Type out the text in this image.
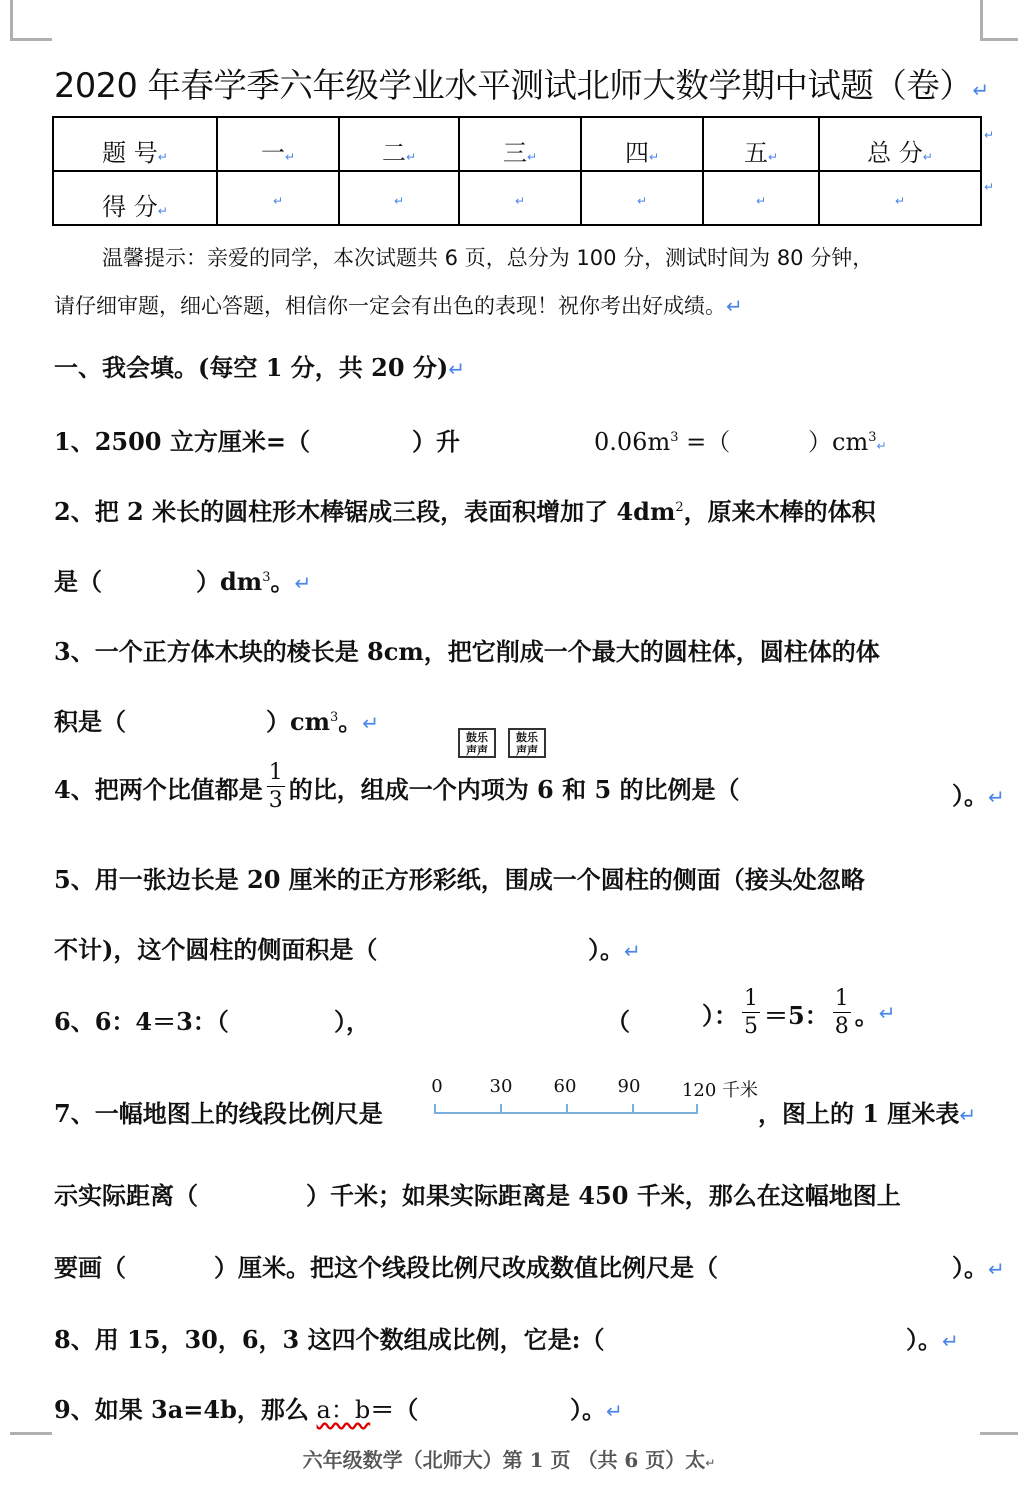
2020 年春学季六年级学业水平测试北师大数学期中试题（卷）↵
题 号↵	一↵	二↵	三↵	四↵	五↵	总 分↵
得 分↵	↵	↵	↵	↵	↵	↵
↵
↵
温馨提示：亲爱的同学，本次试题共 6 页，总分为 100 分，测试时间为 80 分钟，
请仔细审题，细心答题，相信你一定会有出色的表现！祝你考出好成绩。↵
一、我会填。(每空 1 分，共 20 分)↵
1、2500 立方厘米=（	）升	$0.06m^3$ =（	）$cm^3↵$
2、把 2 米长的圆柱形木棒锯成三段，表面积增加了 $4dm^2$，原来木棒的体积
是（	）$dm^3$。↵
3、一个正方体木块的棱长是 8cm，把它削成一个最大的圆柱体，圆柱体的体
积是（	）$cm^3$。↵
鼓乐
声声
鼓乐
声声
4、把两个比值都是 $\frac{1}{3}$ 的比，组成一个内项为 6 和 5 的比例是（	）。↵
5、用一张边长是 20 厘米的正方形彩纸，围成一个圆柱的侧面（接头处忽略
不计)，这个圆柱的侧面积是（	）。↵
6、6：4＝3：（	），	（	）： $\frac{1}{5} =5$： $\frac{1}{8}$ 。 ↵
7、一幅地图上的线段比例尺是
0	30 60 90 120 千米
，图上的 1 厘米表↵
示实际距离（	）千米；如果实际距离是 450 千米，那么在这幅地图上
要画（	）厘米。把这个线段比例尺改成数值比例尺是（	）。↵
8、用 15，30，6，3 这四个数组成比例，它是:（	）。↵
9、如果 3a=4b，那么 a：b＝（	）。↵
六年级数学（北师大）第 1 页 （共 6 页）太↵
